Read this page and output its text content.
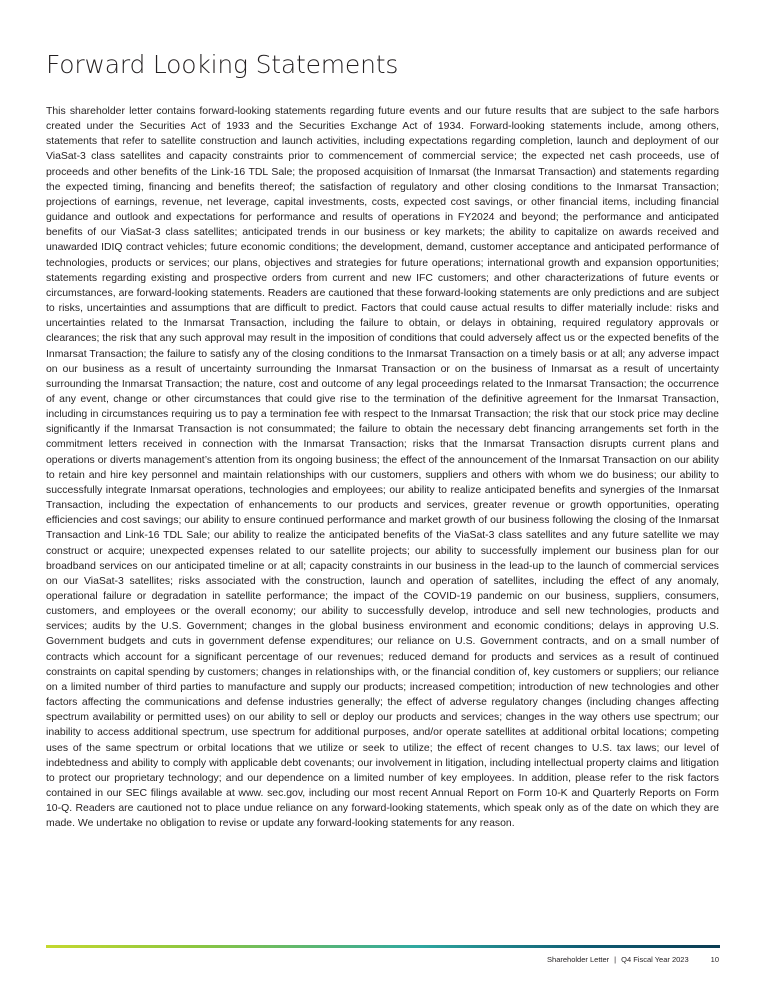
Forward Looking Statements

This shareholder letter contains forward-looking statements regarding future events and our future results that are subject to the safe harbors created under the Securities Act of 1933 and the Securities Exchange Act of 1934. Forward-looking statements include, among others, statements that refer to satellite construction and launch activities, including expectations regarding completion, launch and deployment of our ViaSat-3 class satellites and capacity constraints prior to commencement of commercial service; the expected net cash proceeds, use of proceeds and other benefits of the Link-16 TDL Sale; the proposed acquisition of Inmarsat (the Inmarsat Transaction) and statements regarding the expected timing, financing and benefits thereof; the satisfaction of regulatory and other closing conditions to the Inmarsat Transaction; projections of earnings, revenue, net leverage, capital investments, costs, expected cost savings, or other financial items, including financial guidance and outlook and expectations for performance and results of operations in FY2024 and beyond; the performance and anticipated benefits of our ViaSat-3 class satellites; anticipated trends in our business or key markets; the ability to capitalize on awards received and unawarded IDIQ contract vehicles; future economic conditions; the development, demand, customer acceptance and anticipated performance of technologies, products or services; our plans, objectives and strategies for future operations; international growth and expansion opportunities; statements regarding existing and prospective orders from current and new IFC customers; and other characterizations of future events or circumstances, are forward-looking statements. Readers are cautioned that these forward-looking statements are only predictions and are subject to risks, uncertainties and assumptions that are difficult to predict. Factors that could cause actual results to differ materially include: risks and uncertainties related to the Inmarsat Transaction, including the failure to obtain, or delays in obtaining, required regulatory approvals or clearances; the risk that any such approval may result in the imposition of conditions that could adversely affect us or the expected benefits of the Inmarsat Transaction; the failure to satisfy any of the closing conditions to the Inmarsat Transaction on a timely basis or at all; any adverse impact on our business as a result of uncertainty surrounding the Inmarsat Transaction or on the business of Inmarsat as a result of uncertainty surrounding the Inmarsat Transaction; the nature, cost and outcome of any legal proceedings related to the Inmarsat Transaction; the occurrence of any event, change or other circumstances that could give rise to the termination of the definitive agreement for the Inmarsat Transaction, including in circumstances requiring us to pay a termination fee with respect to the Inmarsat Transaction; the risk that our stock price may decline significantly if the Inmarsat Transaction is not consummated; the failure to obtain the necessary debt financing arrangements set forth in the commitment letters received in connection with the Inmarsat Transaction; risks that the Inmarsat Transaction disrupts current plans and operations or diverts management’s attention from its ongoing business; the effect of the announcement of the Inmarsat Transaction on our ability to retain and hire key personnel and maintain relationships with our customers, suppliers and others with whom we do business; our ability to successfully integrate Inmarsat operations, technologies and employees; our ability to realize anticipated benefits and synergies of the Inmarsat Transaction, including the expectation of enhancements to our products and services, greater revenue or growth opportunities, operating efficiencies and cost savings; our ability to ensure continued performance and market growth of our business following the closing of the Inmarsat Transaction and Link-16 TDL Sale; our ability to realize the anticipated benefits of the ViaSat-3 class satellites and any future satellite we may construct or acquire; unexpected expenses related to our satellite projects; our ability to successfully implement our business plan for our broadband services on our anticipated timeline or at all; capacity constraints in our business in the lead-up to the launch of commercial services on our ViaSat-3 satellites; risks associated with the construction, launch and operation of satellites, including the effect of any anomaly, operational failure or degradation in satellite performance; the impact of the COVID-19 pandemic on our business, suppliers, consumers, customers, and employees or the overall economy; our ability to successfully develop, introduce and sell new technologies, products and services; audits by the U.S. Government; changes in the global business environment and economic conditions; delays in approving U.S. Government budgets and cuts in government defense expenditures; our reliance on U.S. Government contracts, and on a small number of contracts which account for a significant percentage of our revenues; reduced demand for products and services as a result of continued constraints on capital spending by customers; changes in relationships with, or the financial condition of, key customers or suppliers; our reliance on a limited number of third parties to manufacture and supply our products; increased competition; introduction of new technologies and other factors affecting the communications and defense industries generally; the effect of adverse regulatory changes (including changes affecting spectrum availability or permitted uses) on our ability to sell or deploy our products and services; changes in the way others use spectrum; our inability to access additional spectrum, use spectrum for additional purposes, and/or operate satellites at additional orbital locations; competing uses of the same spectrum or orbital locations that we utilize or seek to utilize; the effect of recent changes to U.S. tax laws; our level of indebtedness and ability to comply with applicable debt covenants; our involvement in litigation, including intellectual property claims and litigation to protect our proprietary technology; and our dependence on a limited number of key employees. In addition, please refer to the risk factors contained in our SEC filings available at www. sec.gov, including our most recent Annual Report on Form 10-K and Quarterly Reports on Form 10-Q. Readers are cautioned not to place undue reliance on any forward-looking statements, which speak only as of the date on which they are made. We undertake no obligation to revise or update any forward-looking statements for any reason.

Shareholder Letter | Q4 Fiscal Year 2023	10
